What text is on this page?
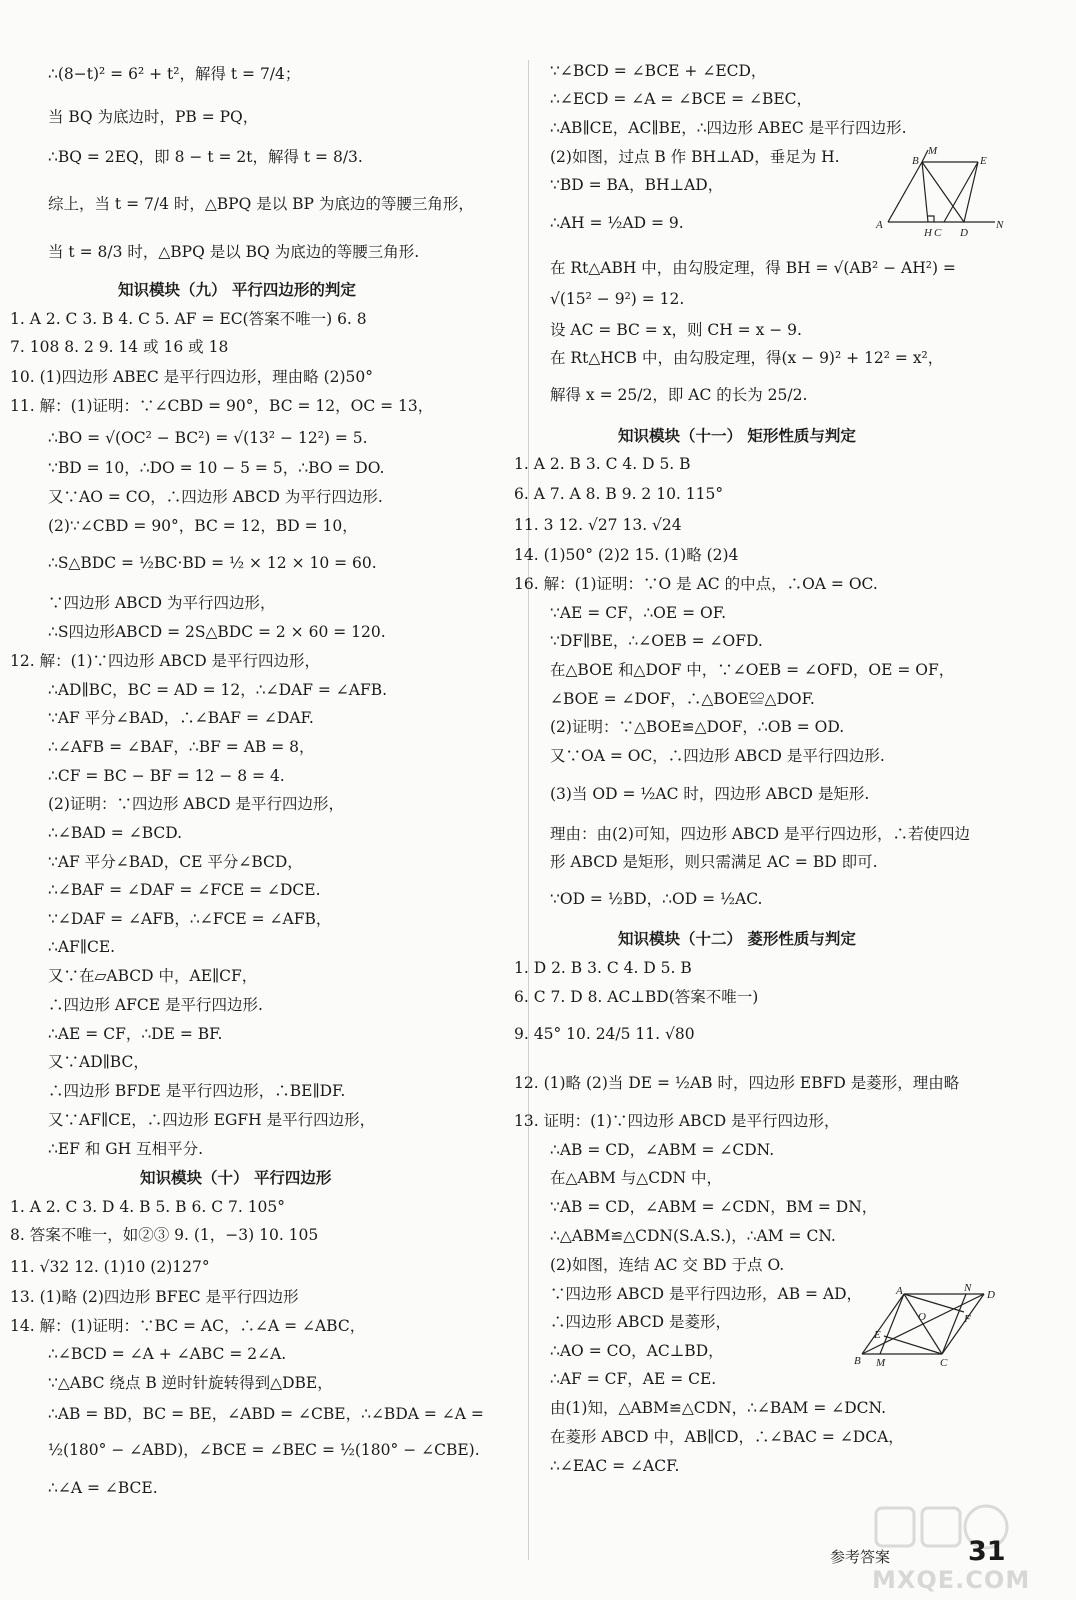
∴(8−t)² = 6² + t²，解得 t = 7/4；
当 BQ 为底边时，PB = PQ，
∴BQ = 2EQ，即 8 − t = 2t，解得 t = 8/3.
综上，当 t = 7/4 时，△BPQ 是以 BP 为底边的等腰三角形，
当 t = 8/3 时，△BPQ 是以 BQ 为底边的等腰三角形.
知识模块（九） 平行四边形的判定
1. A 2. C 3. B 4. C 5. AF = EC(答案不唯一) 6. 8
7. 108 8. 2 9. 14 或 16 或 18
10. (1)四边形 ABEC 是平行四边形，理由略 (2)50°
11. 解：(1)证明：∵∠CBD = 90°，BC = 12，OC = 13，
∴BO = √(OC² − BC²) = √(13² − 12²) = 5.
∵BD = 10，∴DO = 10 − 5 = 5，∴BO = DO.
又∵AO = CO，∴四边形 ABCD 为平行四边形.
(2)∵∠CBD = 90°，BC = 12，BD = 10，
∴S△BDC = ½BC·BD = ½ × 12 × 10 = 60.
∵四边形 ABCD 为平行四边形，
∴S四边形ABCD = 2S△BDC = 2 × 60 = 120.
12. 解：(1)∵四边形 ABCD 是平行四边形，
∴AD∥BC，BC = AD = 12，∴∠DAF = ∠AFB.
∵AF 平分∠BAD，∴∠BAF = ∠DAF.
∴∠AFB = ∠BAF，∴BF = AB = 8，
∴CF = BC − BF = 12 − 8 = 4.
(2)证明：∵四边形 ABCD 是平行四边形，
∴∠BAD = ∠BCD.
∵AF 平分∠BAD，CE 平分∠BCD，
∴∠BAF = ∠DAF = ∠FCE = ∠DCE.
∵∠DAF = ∠AFB，∴∠FCE = ∠AFB，
∴AF∥CE.
又∵在▱ABCD 中，AE∥CF，
∴四边形 AFCE 是平行四边形.
∴AE = CF，∴DE = BF.
又∵AD∥BC，
∴四边形 BFDE 是平行四边形，∴BE∥DF.
又∵AF∥CE，∴四边形 EGFH 是平行四边形，
∴EF 和 GH 互相平分.
知识模块（十） 平行四边形
1. A 2. C 3. D 4. B 5. B 6. C 7. 105°
8. 答案不唯一，如②③ 9. (1，−3) 10. 105
11. √32 12. (1)10 (2)127°
13. (1)略 (2)四边形 BFEC 是平行四边形
14. 解：(1)证明：∵BC = AC，∴∠A = ∠ABC，
∴∠BCD = ∠A + ∠ABC = 2∠A.
∵△ABC 绕点 B 逆时针旋转得到△DBE，
∴AB = BD，BC = BE，∠ABD = ∠CBE，∴∠BDA = ∠A =
½(180° − ∠ABD)，∠BCE = ∠BEC = ½(180° − ∠CBE).
∴∠A = ∠BCE.
∵∠BCD = ∠BCE + ∠ECD，
∴∠ECD = ∠A = ∠BCE = ∠BEC，
∴AB∥CE，AC∥BE，∴四边形 ABEC 是平行四边形.
(2)如图，过点 B 作 BH⊥AD，垂足为 H.
∵BD = BA，BH⊥AD，
∴AH = ½AD = 9.
在 Rt△ABH 中，由勾股定理，得 BH = √(AB² − AH²) =
√(15² − 9²) = 12.
设 AC = BC = x，则 CH = x − 9.
在 Rt△HCB 中，由勾股定理，得(x − 9)² + 12² = x²，
解得 x = 25/2，即 AC 的长为 25/2.
知识模块（十一） 矩形性质与判定
1. A 2. B 3. C 4. D 5. B
6. A 7. A 8. B 9. 2 10. 115°
11. 3 12. √27 13. √24
14. (1)50° (2)2 15. (1)略 (2)4
16. 解：(1)证明：∵O 是 AC 的中点，∴OA = OC.
∵AE = CF，∴OE = OF.
∵DF∥BE，∴∠OEB = ∠OFD.
在△BOE 和△DOF 中，∵∠OEB = ∠OFD，OE = OF，
∠BOE = ∠DOF，∴△BOE≌△DOF.
(2)证明：∵△BOE≌△DOF，∴OB = OD.
又∵OA = OC，∴四边形 ABCD 是平行四边形.
(3)当 OD = ½AC 时，四边形 ABCD 是矩形.
理由：由(2)可知，四边形 ABCD 是平行四边形，∴若使四边
形 ABCD 是矩形，则只需满足 AC = BD 即可.
∵OD = ½BD，∴OD = ½AC.
知识模块（十二） 菱形性质与判定
1. D 2. B 3. C 4. D 5. B
6. C 7. D 8. AC⊥BD(答案不唯一)
9. 45° 10. 24/5 11. √80
12. (1)略 (2)当 DE = ½AB 时，四边形 EBFD 是菱形，理由略
13. 证明：(1)∵四边形 ABCD 是平行四边形，
∴AB = CD，∠ABM = ∠CDN.
在△ABM 与△CDN 中，
∵AB = CD，∠ABM = ∠CDN，BM = DN，
∴△ABM≌△CDN(S.A.S.)，∴AM = CN.
(2)如图，连结 AC 交 BD 于点 O.
∵四边形 ABCD 是平行四边形，AB = AD，
∴四边形 ABCD 是菱形，
∴AO = CO，AC⊥BD，
∴AF = CF，AE = CE.
由(1)知，△ABM≌△CDN，∴∠BAM = ∠DCN.
在菱形 ABCD 中，AB∥CD，∴∠BAC = ∠DCA，
∴∠EAC = ∠ACF.
M
B	E
A
H C D
N
A	N
D
O	F
E
B M	C
参考答案	31
MXQE.COM
